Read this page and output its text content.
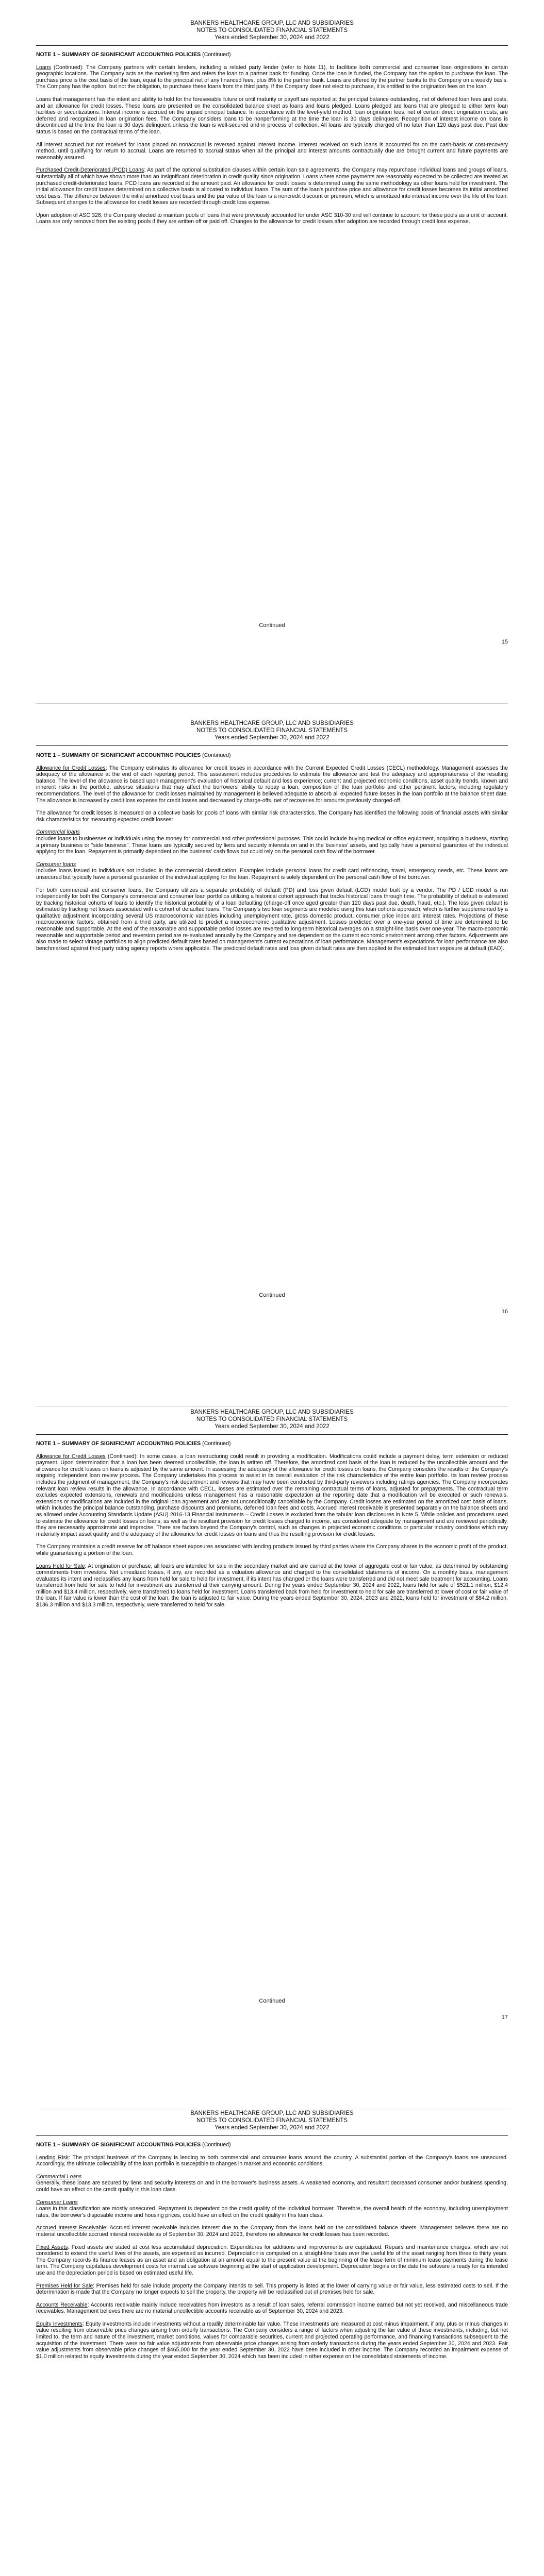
BANKERS HEALTHCARE GROUP, LLC AND SUBSIDIARIES
NOTES TO CONSOLIDATED FINANCIAL STATEMENTS
Years ended September 30, 2024 and 2022
NOTE 1 – SUMMARY OF SIGNIFICANT ACCOUNTING POLICIES (Continued)

Loans (Continued): The Company partners with certain lenders, including a related party lender (refer to Note 11), to facilitate both commercial and consumer loan originations in certain geographic locations. The Company acts as the marketing firm and refers the loan to a partner bank for funding. Once the loan is funded, the Company has the option to purchase the loan. The purchase price is the cost basis of the loan, equal to the principal net of any financed fees, plus 8% to the partner bank. Loans are offered by the partner banks to the Company on a weekly basis. The Company has the option, but not the obligation, to purchase these loans from the third party. If the Company does not elect to purchase, it is entitled to the origination fees on the loan.

Loans that management has the intent and ability to hold for the foreseeable future or until maturity or payoff are reported at the principal balance outstanding, net of deferred loan fees and costs, and an allowance for credit losses. These loans are presented on the consolidated balance sheet as loans and loans pledged. Loans pledged are loans that are pledged to either term loan facilities or securitizations. Interest income is accrued on the unpaid principal balance. In accordance with the level-yield method, loan origination fees, net of certain direct origination costs, are deferred and recognized in loan origination fees. The Company considers loans to be nonperforming at the time the loan is 30 days delinquent. Recognition of interest income on loans is discontinued at the time the loan is 30 days delinquent unless the loan is well-secured and in process of collection. All loans are typically charged off no later than 120 days past due. Past due status is based on the contractual terms of the loan.

All interest accrued but not received for loans placed on nonaccrual is reversed against interest income. Interest received on such loans is accounted for on the cash-basis or cost-recovery method, until qualifying for return to accrual. Loans are returned to accrual status when all the principal and interest amounts contractually due are brought current and future payments are reasonably assured.

Purchased Credit-Deteriorated (PCD) Loans: As part of the optional substitution clauses within certain loan sale agreements, the Company may repurchase individual loans and groups of loans, substantially all of which have shown more than an insignificant deterioration in credit quality since origination. Loans where some payments are reasonably expected to be collected are treated as purchased credit-deteriorated loans. PCD loans are recorded at the amount paid. An allowance for credit losses is determined using the same methodology as other loans held for investment. The initial allowance for credit losses determined on a collective basis is allocated to individual loans. The sum of the loan's purchase price and allowance for credit losses becomes its initial amortized cost basis. The difference between the initial amortized cost basis and the par value of the loan is a noncredit discount or premium, which is amortized into interest income over the life of the loan. Subsequent changes to the allowance for credit losses are recorded through credit loss expense.

Upon adoption of ASC 326, the Company elected to maintain pools of loans that were previously accounted for under ASC 310-30 and will continue to account for these pools as a unit of account. Loans are only removed from the existing pools if they are written off or paid off. Changes to the allowance for credit losses after adoption are recorded through credit loss expense.

Continued
15
BANKERS HEALTHCARE GROUP, LLC AND SUBSIDIARIES
NOTES TO CONSOLIDATED FINANCIAL STATEMENTS
Years ended September 30, 2024 and 2022
NOTE 1 – SUMMARY OF SIGNIFICANT ACCOUNTING POLICIES (Continued)

Allowance for Credit Losses: The Company estimates its allowance for credit losses in accordance with the Current Expected Credit Losses (CECL) methodology. Management assesses the adequacy of the allowance at the end of each reporting period. This assessment includes procedures to estimate the allowance and test the adequacy and appropriateness of the resulting balance. The level of the allowance is based upon management's evaluation of historical default and loss experience; current and projected economic conditions, asset quality trends, known and inherent risks in the portfolio, adverse situations that may affect the borrowers' ability to repay a loan, composition of the loan portfolio and other pertinent factors, including regulatory recommendations. The level of the allowance for credit losses maintained by management is believed adequate to absorb all expected future losses in the loan portfolio at the balance sheet date. The allowance is increased by credit loss expense for credit losses and decreased by charge-offs, net of recoveries for amounts previously charged-off.

The allowance for credit losses is measured on a collective basis for pools of loans with similar risk characteristics. The Company has identified the following pools of financial assets with similar risk characteristics for measuring expected credit losses:

Commercial loans
Includes loans to businesses or individuals using the money for commercial and other professional purposes. This could include buying medical or office equipment, acquiring a business, starting a primary business or "side business". These loans are typically secured by liens and security interests on and in the business' assets, and typically have a personal guarantee of the individual applying for the loan. Repayment is primarily dependent on the business' cash flows but could rely on the personal cash flow of the borrower.

Consumer loans
Includes loans issued to individuals not included in the commercial classification. Examples include personal loans for credit card refinancing, travel, emergency needs, etc. These loans are unsecured but typically have a personal guarantee of the individual applying for the loan. Repayment is solely dependent on the personal cash flow of the borrower.

For both commercial and consumer loans, the Company utilizes a separate probability of default (PD) and loss given default (LGD) model built by a vendor. The PD / LGD model is run independently for both the Company's commercial and consumer loan portfolios utilizing a historical cohort approach that tracks historical loans through time. The probability of default is estimated by tracking historical cohorts of loans to identify the historical probability of a loan defaulting (charge-off once aged greater than 120 days past due, death, fraud, etc.). The loss given default is estimated by tracking net losses associated with a cohort of defaulted loans. The Company's two loan segments are modeled using this loan cohorts approach, which is further supplemented by a qualitative adjustment incorporating several US macroeconomic variables including unemployment rate, gross domestic product, consumer price index and interest rates. Projections of these macroeconomic factors, obtained from a third party, are utilized to predict a macroeconomic qualitative adjustment. Losses predicted over a one-year period of time are determined to be reasonable and supportable. At the end of the reasonable and supportable period losses are reverted to long-term historical averages on a straight-line basis over one-year. The macro-economic reasonable and supportable period and reversion period are re-evaluated annually by the Company and are dependent on the current economic environment among other factors. Adjustments are also made to select vintage portfolios to align predicted default rates based on management's current expectations of loan performance. Management's expectations for loan performance are also benchmarked against third party rating agency reports where applicable. The predicted default rates and loss given default rates are then applied to the estimated loan exposure at default (EAD).

Continued
16
BANKERS HEALTHCARE GROUP, LLC AND SUBSIDIARIES
NOTES TO CONSOLIDATED FINANCIAL STATEMENTS
Years ended September 30, 2024 and 2022
NOTE 1 – SUMMARY OF SIGNIFICANT ACCOUNTING POLICIES (Continued)

Allowance for Credit Losses (Continued): In some cases, a loan restructuring could result in providing a modification. Modifications could include a payment delay, term extension or reduced payment. Upon determination that a loan has been deemed uncollectible, the loan is written off. Therefore, the amortized cost basis of the loan is reduced by the uncollectible amount and the allowance for credit losses on loans is adjusted by the same amount. In assessing the adequacy of the allowance for credit losses on loans, the Company considers the results of the Company's ongoing independent loan review process. The Company undertakes this process to assist in its overall evaluation of the risk characteristics of the entire loan portfolio. Its loan review process includes the judgment of management, the Company's risk department and reviews that may have been conducted by third-party reviewers including ratings agencies. The Company incorporates relevant loan review results in the allowance. In accordance with CECL, losses are estimated over the remaining contractual terms of loans, adjusted for prepayments. The contractual term excludes expected extensions, renewals and modifications unless management has a reasonable expectation at the reporting date that a modification will be executed or such renewals, extensions or modifications are included in the original loan agreement and are not unconditionally cancellable by the Company. Credit losses are estimated on the amortized cost basis of loans, which includes the principal balance outstanding, purchase discounts and premiums, deferred loan fees and costs. Accrued interest receivable is presented separately on the balance sheets and as allowed under Accounting Standards Update (ASU) 2016-13 Financial Instruments – Credit Losses is excluded from the tabular loan disclosures in Note 5. While policies and procedures used to estimate the allowance for credit losses on loans, as well as the resultant provision for credit losses charged to income, are considered adequate by management and are reviewed periodically, they are necessarily approximate and imprecise. There are factors beyond the Company's control, such as changes in projected economic conditions or particular industry conditions which may materially impact asset quality and the adequacy of the allowance for credit losses on loans and thus the resulting provision for credit losses.

The Company maintains a credit reserve for off balance sheet exposures associated with lending products issued by third parties where the Company shares in the economic profit of the product, while guaranteeing a portion of the loan.

Loans Held for Sale: At origination or purchase, all loans are intended for sale in the secondary market and are carried at the lower of aggregate cost or fair value, as determined by outstanding commitments from investors. Net unrealized losses, if any, are recorded as a valuation allowance and charged to the consolidated statements of income. On a monthly basis, management evaluates its intent and reclassifies any loans from held for sale to held for investment, if its intent has changed or the loans were transferred and did not meet sale treatment for accounting. Loans transferred from held for sale to held for investment are transferred at their carrying amount. During the years ended September 30, 2024 and 2022, loans held for sale of $521.1 million, $12.4 million and $13.4 million, respectively, were transferred to loans held for investment. Loans transferred back from held for investment to held for sale are transferred at lower of cost or fair value of the loan. If fair value is lower than the cost of the loan, the loan is adjusted to fair value. During the years ended September 30, 2024, 2023 and 2022, loans held for investment of $84.2 million, $136.3 million and $13.3 million, respectively, were transferred to held for sale.

Continued
17
BANKERS HEALTHCARE GROUP, LLC AND SUBSIDIARIES
NOTES TO CONSOLIDATED FINANCIAL STATEMENTS
Years ended September 30, 2024 and 2022
NOTE 1 – SUMMARY OF SIGNIFICANT ACCOUNTING POLICIES (Continued)

Lending Risk: The principal business of the Company is lending to both commercial and consumer loans around the country. A substantial portion of the Company's loans are unsecured. Accordingly, the ultimate collectability of the loan portfolio is susceptible to changes in market and economic conditions.

Commercial Loans
Generally, these loans are secured by liens and security interests on and in the borrower's business assets. A weakened economy, and resultant decreased consumer and/or business spending, could have an effect on the credit quality in this loan class.

Consumer Loans
Loans in this classification are mostly unsecured. Repayment is dependent on the credit quality of the individual borrower. Therefore, the overall health of the economy, including unemployment rates, the borrower's disposable income and housing prices, could have an effect on the credit quality in this loan class.

Accrued Interest Receivable: Accrued interest receivable includes interest due to the Company from the loans held on the consolidated balance sheets. Management believes there are no material uncollectible accrued interest receivable as of September 30, 2024 and 2023, therefore no allowance for credit losses has been recorded.

Fixed Assets: Fixed assets are stated at cost less accumulated depreciation. Expenditures for additions and improvements are capitalized. Repairs and maintenance charges, which are not considered to extend the useful lives of the assets, are expensed as incurred. Depreciation is computed on a straight-line basis over the useful life of the asset ranging from three to thirty years. The Company records its finance leases as an asset and an obligation at an amount equal to the present value at the beginning of the lease term of minimum lease payments during the lease term. The Company capitalizes development costs for internal use software beginning at the start of application development. Depreciation begins on the date the software is ready for its intended use and the depreciation period is based on estimated useful life.

Premises Held for Sale: Premises held for sale include property the Company intends to sell. This property is listed at the lower of carrying value or fair value, less estimated costs to sell. If the determination is made that the Company no longer expects to sell the property, the property will be reclassified out of premises held for sale.

Accounts Receivable: Accounts receivable mainly include receivables from investors as a result of loan sales, referral commission income earned but not yet received, and miscellaneous trade receivables. Management believes there are no material uncollectible accounts receivable as of September 30, 2024 and 2023.

Equity Investments: Equity investments include investments without a readily determinable fair value. These investments are measured at cost minus impairment, if any, plus or minus changes in value resulting from observable price changes arising from orderly transactions. The Company considers a range of factors when adjusting the fair value of these investments, including, but not limited to, the term and nature of the investment, market conditions, values for comparable securities, current and projected operating performance, and financing transactions subsequent to the acquisition of the investment. There were no fair value adjustments from observable price changes arising from orderly transactions during the years ended September 30, 2024 and 2023. Fair value adjustments from observable price changes of $465,000 for the year ended September 30, 2022 have been included in other income. The Company recorded an impairment expense of $1.0 million related to equity investments during the year ended September 30, 2024 which has been included in other expense on the consolidated statements of income.
